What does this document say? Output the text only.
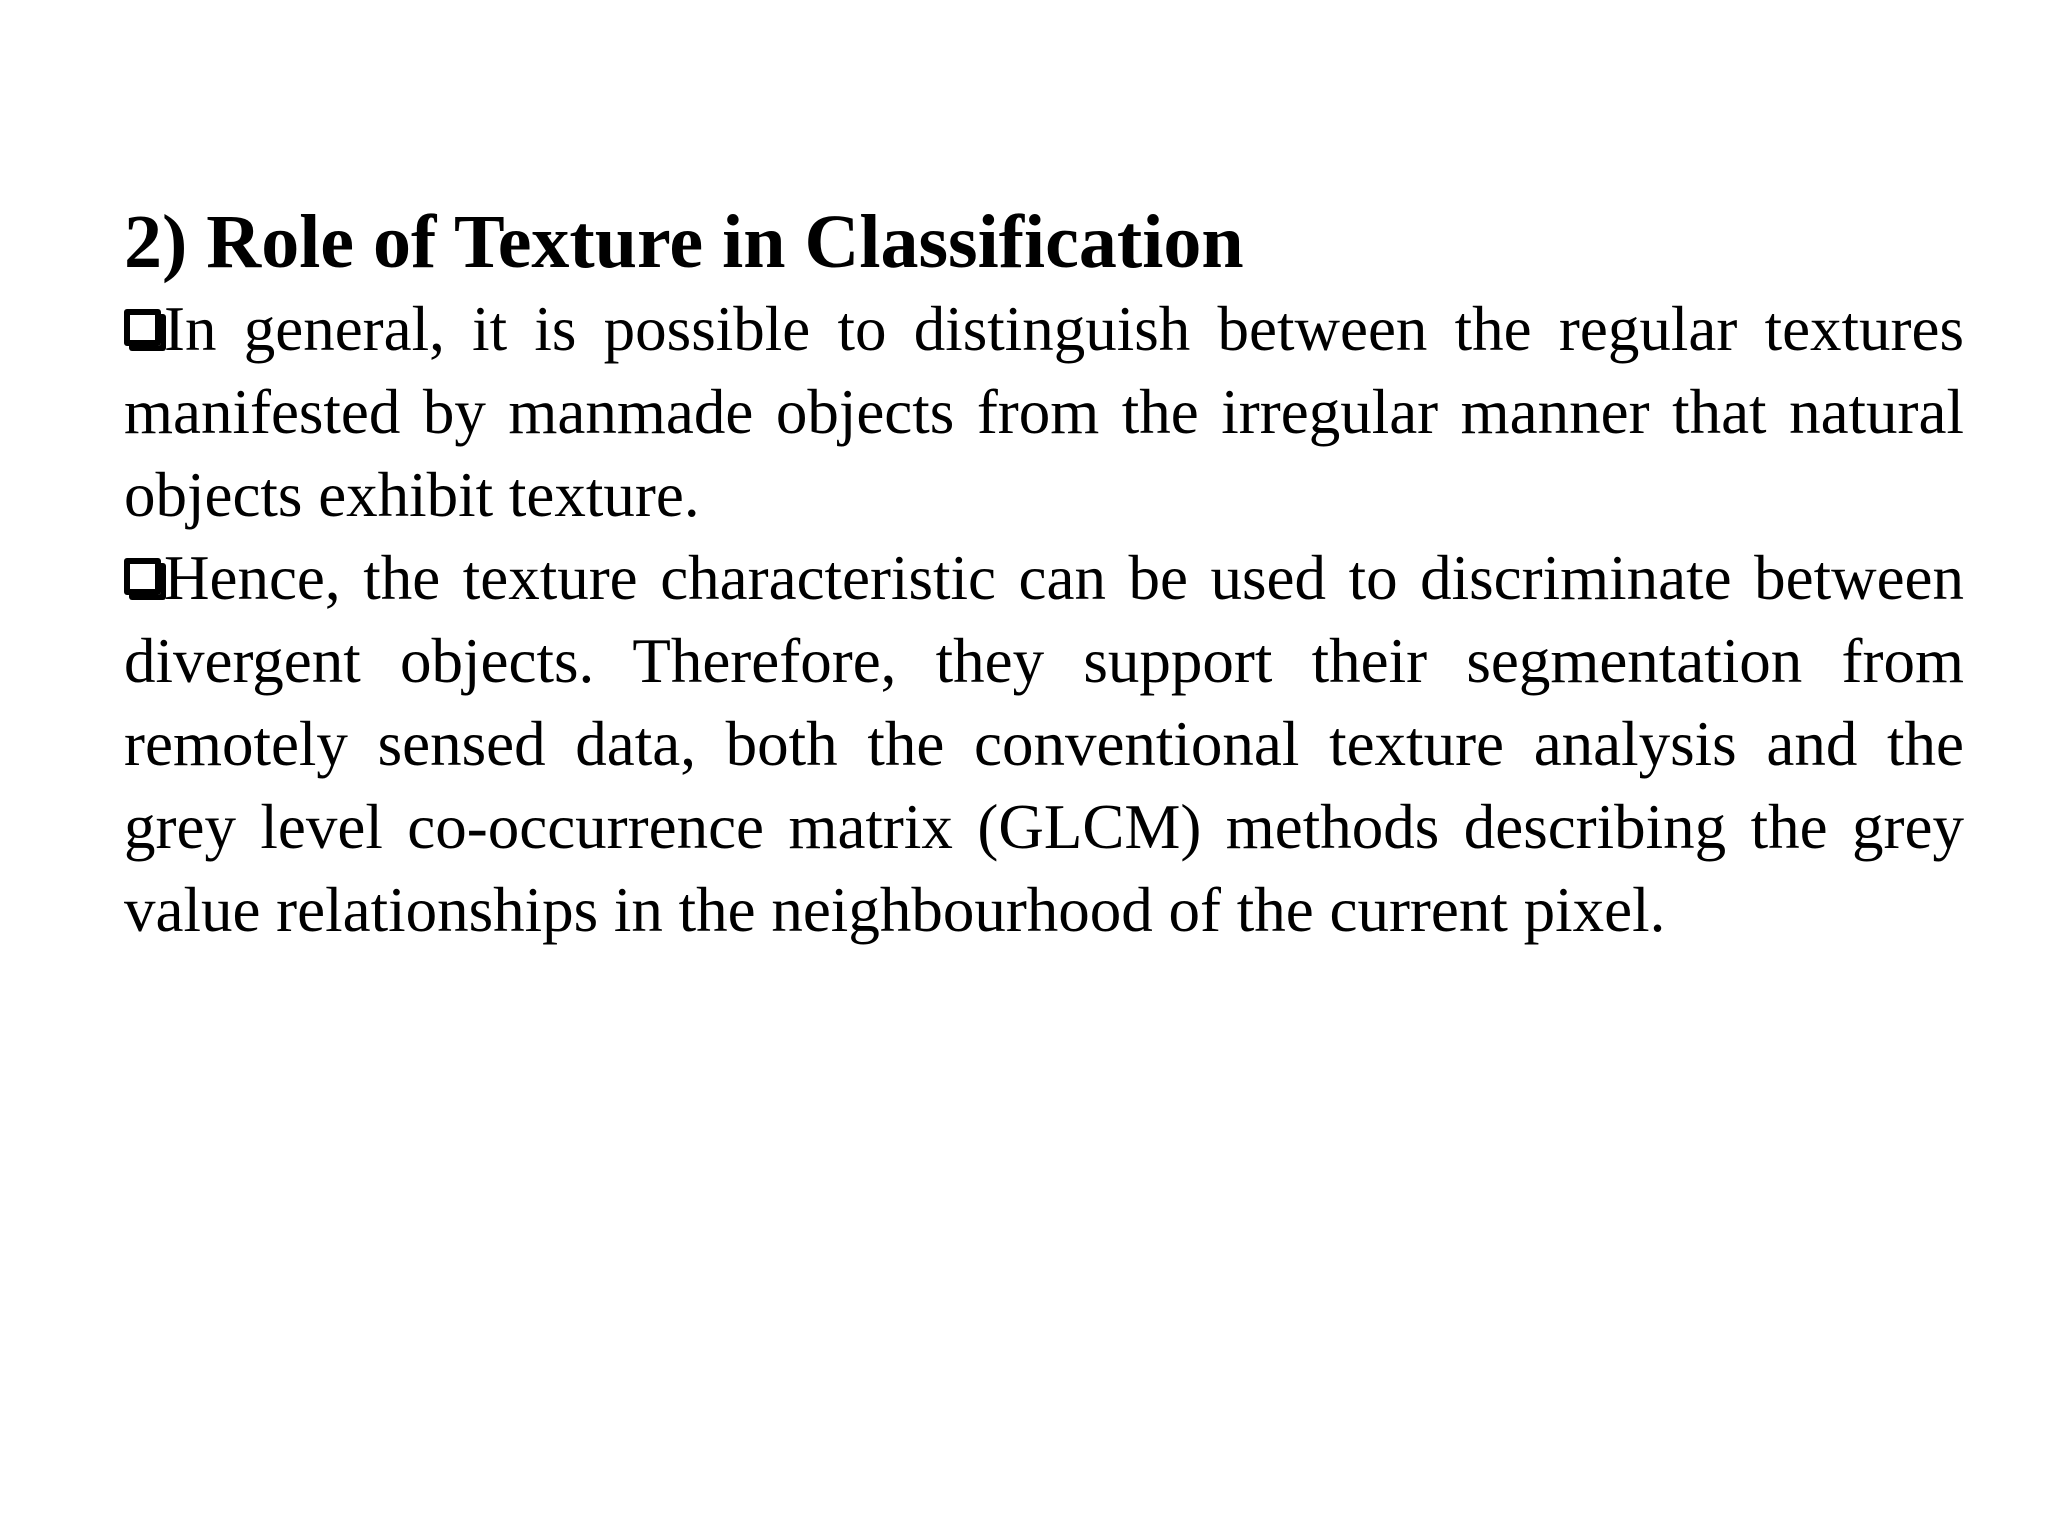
2) Role of Texture in Classification

In general, it is possible to distinguish between the regular textures manifested by manmade objects from the irregular manner that natural objects exhibit texture.

Hence, the texture characteristic can be used to discriminate between divergent objects. Therefore, they support their segmentation from remotely sensed data, both the conventional texture analysis and the grey level co-occurrence matrix (GLCM) methods describing the grey value relationships in the neighbourhood of the current pixel.
